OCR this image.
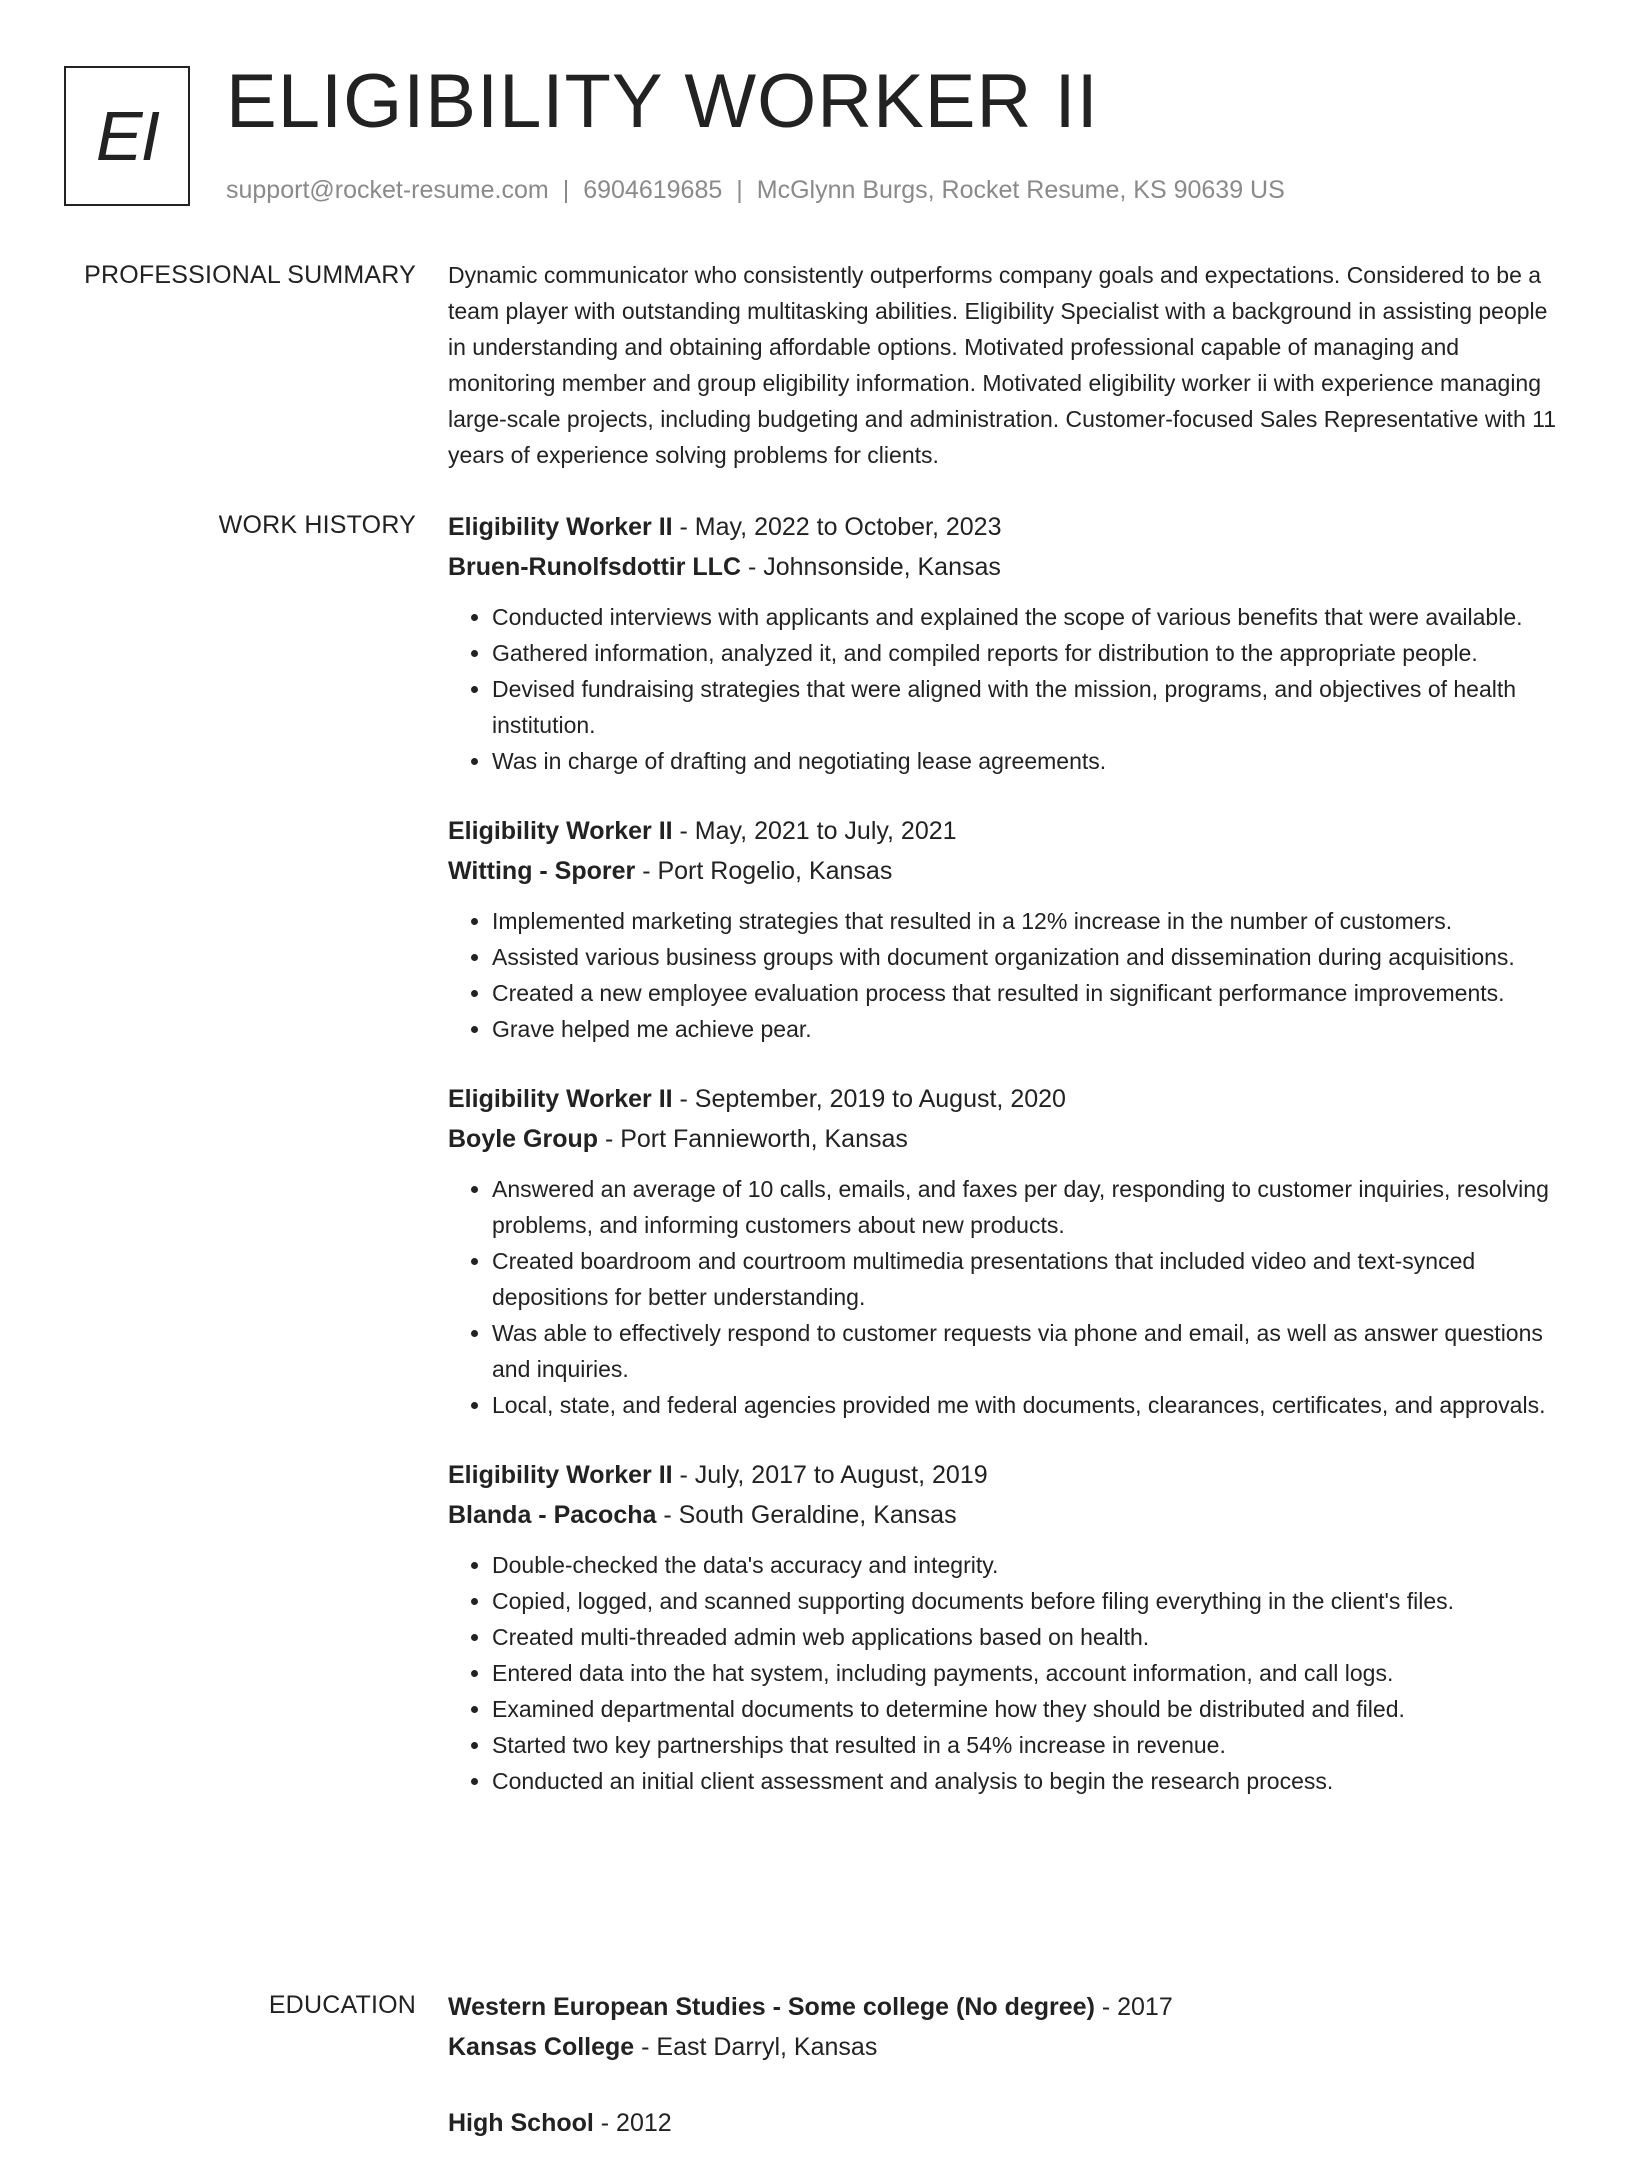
EI ELIGIBILITY WORKER II
support@rocket-resume.com | 6904619685 | McGlynn Burgs, Rocket Resume, KS 90639 US
PROFESSIONAL SUMMARY Dynamic communicator who consistently outperforms company goals and expectations. Considered to be a team player with outstanding multitasking abilities. Eligibility Specialist with a background in assisting people in understanding and obtaining affordable options. Motivated professional capable of managing and monitoring member and group eligibility information. Motivated eligibility worker ii with experience managing large-scale projects, including budgeting and administration. Customer-focused Sales Representative with 11 years of experience solving problems for clients.

WORK HISTORY Eligibility Worker II - May, 2022 to October, 2023
Bruen-Runolfsdottir LLC - Johnsonside, Kansas
• Conducted interviews with applicants and explained the scope of various benefits that were available.
• Gathered information, analyzed it, and compiled reports for distribution to the appropriate people.
• Devised fundraising strategies that were aligned with the mission, programs, and objectives of health institution.
• Was in charge of drafting and negotiating lease agreements.
Eligibility Worker II - May, 2021 to July, 2021
Witting - Sporer - Port Rogelio, Kansas
• Implemented marketing strategies that resulted in a 12% increase in the number of customers.
• Assisted various business groups with document organization and dissemination during acquisitions.
• Created a new employee evaluation process that resulted in significant performance improvements.
• Grave helped me achieve pear.
Eligibility Worker II - September, 2019 to August, 2020
Boyle Group - Port Fannieworth, Kansas
• Answered an average of 10 calls, emails, and faxes per day, responding to customer inquiries, resolving problems, and informing customers about new products.
• Created boardroom and courtroom multimedia presentations that included video and text-synced depositions for better understanding.
• Was able to effectively respond to customer requests via phone and email, as well as answer questions and inquiries.
• Local, state, and federal agencies provided me with documents, clearances, certificates, and approvals.
Eligibility Worker II - July, 2017 to August, 2019
Blanda - Pacocha - South Geraldine, Kansas
• Double-checked the data's accuracy and integrity.
• Copied, logged, and scanned supporting documents before filing everything in the client's files.
• Created multi-threaded admin web applications based on health.
• Entered data into the hat system, including payments, account information, and call logs.
• Examined departmental documents to determine how they should be distributed and filed.
• Started two key partnerships that resulted in a 54% increase in revenue.
• Conducted an initial client assessment and analysis to begin the research process.
EDUCATION Western European Studies - Some college (No degree) - 2017
Kansas College - East Darryl, Kansas
High School - 2012
